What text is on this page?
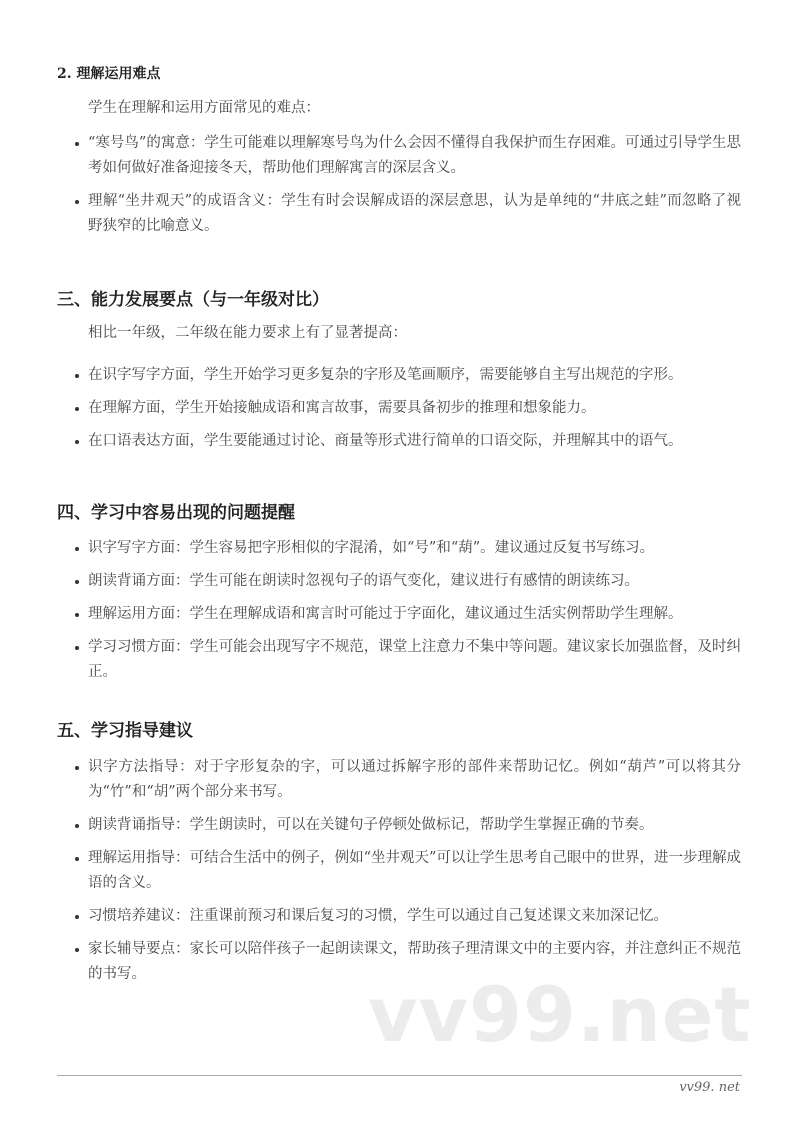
2. 理解运用难点
学生在理解和运用方面常见的难点：
“寒号鸟”的寓意：学生可能难以理解寒号鸟为什么会因不懂得自我保护而生存困难。可通过引导学生思考如何做好准备迎接冬天，帮助他们理解寓言的深层含义。
理解“坐井观天”的成语含义：学生有时会误解成语的深层意思，认为是单纯的“井底之蛙”而忽略了视野狭窄的比喻意义。
三、能力发展要点（与一年级对比）
相比一年级，二年级在能力要求上有了显著提高：
在识字写字方面，学生开始学习更多复杂的字形及笔画顺序，需要能够自主写出规范的字形。
在理解方面，学生开始接触成语和寓言故事，需要具备初步的推理和想象能力。
在口语表达方面，学生要能通过讨论、商量等形式进行简单的口语交际，并理解其中的语气。
四、学习中容易出现的问题提醒
识字写字方面：学生容易把字形相似的字混淆，如“号”和“葫”。建议通过反复书写练习。
朗读背诵方面：学生可能在朗读时忽视句子的语气变化，建议进行有感情的朗读练习。
理解运用方面：学生在理解成语和寓言时可能过于字面化，建议通过生活实例帮助学生理解。
学习习惯方面：学生可能会出现写字不规范，课堂上注意力不集中等问题。建议家长加强监督，及时纠正。
五、学习指导建议
识字方法指导：对于字形复杂的字，可以通过拆解字形的部件来帮助记忆。例如“葫芦”可以将其分为“竹”和“胡”两个部分来书写。
朗读背诵指导：学生朗读时，可以在关键句子停顿处做标记，帮助学生掌握正确的节奏。
理解运用指导：可结合生活中的例子，例如“坐井观天”可以让学生思考自己眼中的世界，进一步理解成语的含义。
习惯培养建议：注重课前预习和课后复习的习惯，学生可以通过自己复述课文来加深记忆。
家长辅导要点：家长可以陪伴孩子一起朗读课文，帮助孩子理清课文中的主要内容，并注意纠正不规范的书写。	vv99.net
vv99. net
